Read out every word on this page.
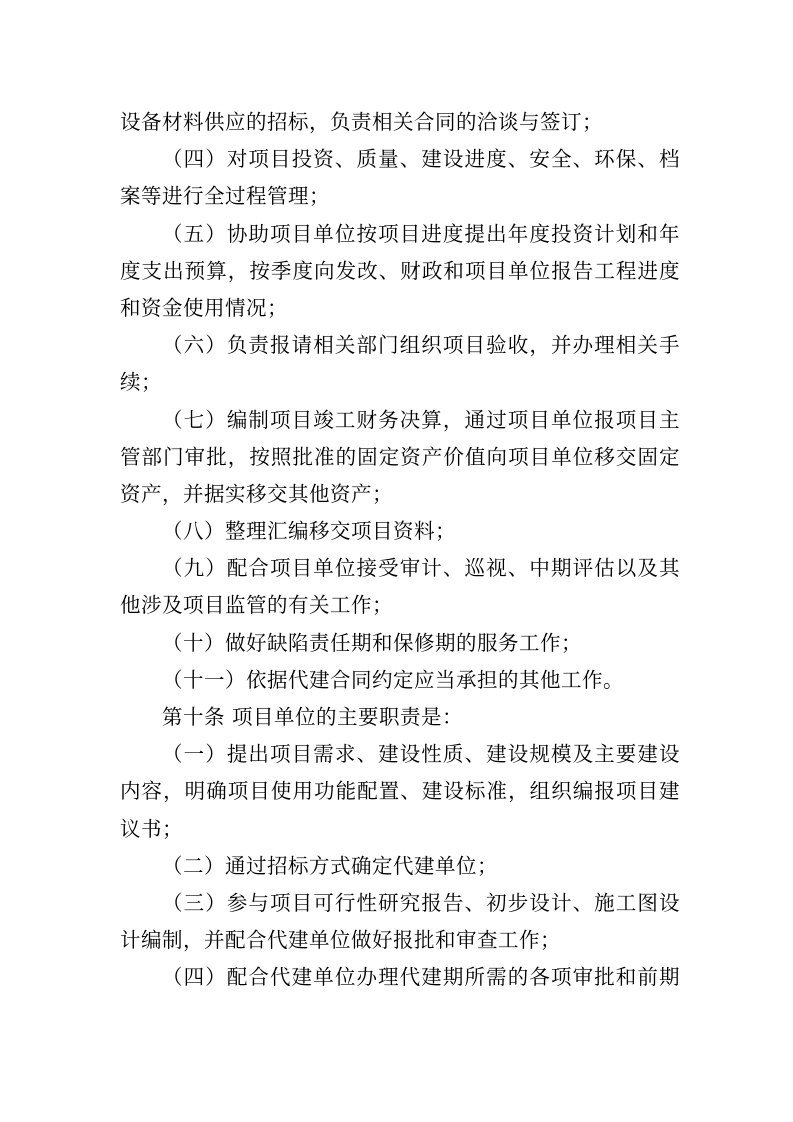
设备材料供应的招标，负责相关合同的洽谈与签订；
（四）对项目投资、质量、建设进度、安全、环保、档
案等进行全过程管理；
（五）协助项目单位按项目进度提出年度投资计划和年
度支出预算，按季度向发改、财政和项目单位报告工程进度
和资金使用情况；
（六）负责报请相关部门组织项目验收，并办理相关手
续；
（七）编制项目竣工财务决算，通过项目单位报项目主
管部门审批，按照批准的固定资产价值向项目单位移交固定
资产，并据实移交其他资产；
（八）整理汇编移交项目资料；
（九）配合项目单位接受审计、巡视、中期评估以及其
他涉及项目监管的有关工作；
（十）做好缺陷责任期和保修期的服务工作；
（十一）依据代建合同约定应当承担的其他工作。
第十条 项目单位的主要职责是：
（一）提出项目需求、建设性质、建设规模及主要建设
内容，明确项目使用功能配置、建设标准，组织编报项目建
议书；
（二）通过招标方式确定代建单位；
（三）参与项目可行性研究报告、初步设计、施工图设
计编制，并配合代建单位做好报批和审查工作；
（四）配合代建单位办理代建期所需的各项审批和前期
